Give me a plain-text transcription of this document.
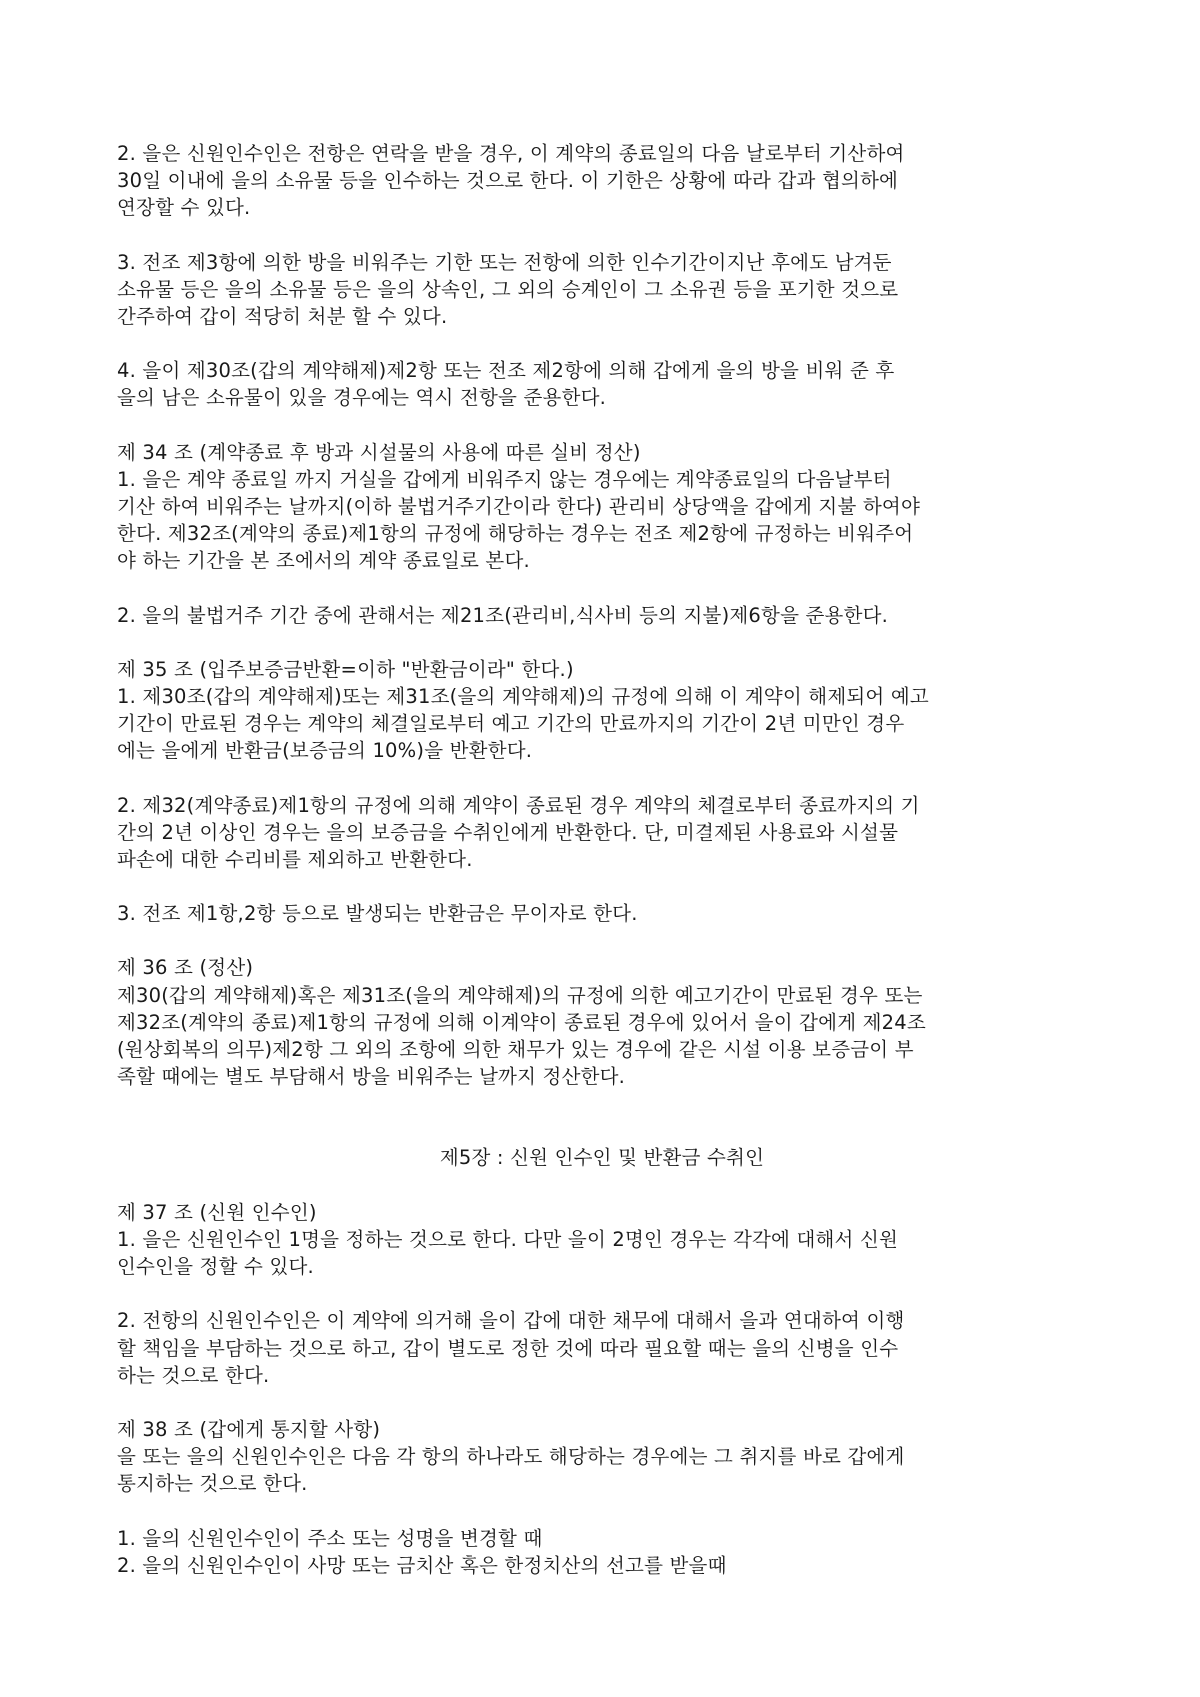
2. 을은 신원인수인은 전항은 연락을 받을 경우, 이 계약의 종료일의 다음 날로부터 기산하여
30일 이내에 을의 소유물 등을 인수하는 것으로 한다. 이 기한은 상황에 따라 갑과 협의하에
연장할 수 있다.
3. 전조 제3항에 의한 방을 비워주는 기한 또는 전항에 의한 인수기간이지난 후에도 남겨둔
소유물 등은 을의 소유물 등은 을의 상속인, 그 외의 승계인이 그 소유권 등을 포기한 것으로
간주하여 갑이 적당히 처분 할 수 있다.
4. 을이 제30조(갑의 계약해제)제2항 또는 전조 제2항에 의해 갑에게 을의 방을 비워 준 후
을의 남은 소유물이 있을 경우에는 역시 전항을 준용한다.
제 34 조 (계약종료 후 방과 시설물의 사용에 따른 실비 정산)
1. 을은 계약 종료일 까지 거실을 갑에게 비워주지 않는 경우에는 계약종료일의 다음날부터
기산 하여 비워주는 날까지(이하 불법거주기간이라 한다) 관리비 상당액을 갑에게 지불 하여야
한다. 제32조(계약의 종료)제1항의 규정에 해당하는 경우는 전조 제2항에 규정하는 비워주어
야 하는 기간을 본 조에서의 계약 종료일로 본다.
2. 을의 불법거주 기간 중에 관해서는 제21조(관리비,식사비 등의 지불)제6항을 준용한다.
제 35 조 (입주보증금반환=이하 "반환금이라" 한다.)
1. 제30조(갑의 계약해제)또는 제31조(을의 계약해제)의 규정에 의해 이 계약이 해제되어 예고
기간이 만료된 경우는 계약의 체결일로부터 예고 기간의 만료까지의 기간이 2년 미만인 경우
에는 을에게 반환금(보증금의 10%)을 반환한다.
2. 제32(계약종료)제1항의 규정에 의해 계약이 종료된 경우 계약의 체결로부터 종료까지의 기
간의 2년 이상인 경우는 을의 보증금을 수취인에게 반환한다. 단, 미결제된 사용료와 시설물
파손에 대한 수리비를 제외하고 반환한다.
3. 전조 제1항,2항 등으로 발생되는 반환금은 무이자로 한다.
제 36 조 (정산)
제30(갑의 계약해제)혹은 제31조(을의 계약해제)의 규정에 의한 예고기간이 만료된 경우 또는
제32조(계약의 종료)제1항의 규정에 의해 이계약이 종료된 경우에 있어서 을이 갑에게 제24조
(원상회복의 의무)제2항 그 외의 조항에 의한 채무가 있는 경우에 같은 시설 이용 보증금이 부
족할 때에는 별도 부담해서 방을 비워주는 날까지 정산한다.
제5장 : 신원 인수인 및 반환금 수취인
제 37 조 (신원 인수인)
1. 을은 신원인수인 1명을 정하는 것으로 한다. 다만 을이 2명인 경우는 각각에 대해서 신원
인수인을 정할 수 있다.
2. 전항의 신원인수인은 이 계약에 의거해 을이 갑에 대한 채무에 대해서 을과 연대하여 이행
할 책임을 부담하는 것으로 하고, 갑이 별도로 정한 것에 따라 필요할 때는 을의 신병을 인수
하는 것으로 한다.
제 38 조 (갑에게 통지할 사항)
을 또는 을의 신원인수인은 다음 각 항의 하나라도 해당하는 경우에는 그 취지를 바로 갑에게
통지하는 것으로 한다.
1. 을의 신원인수인이 주소 또는 성명을 변경할 때
2. 을의 신원인수인이 사망 또는 금치산 혹은 한정치산의 선고를 받을때
